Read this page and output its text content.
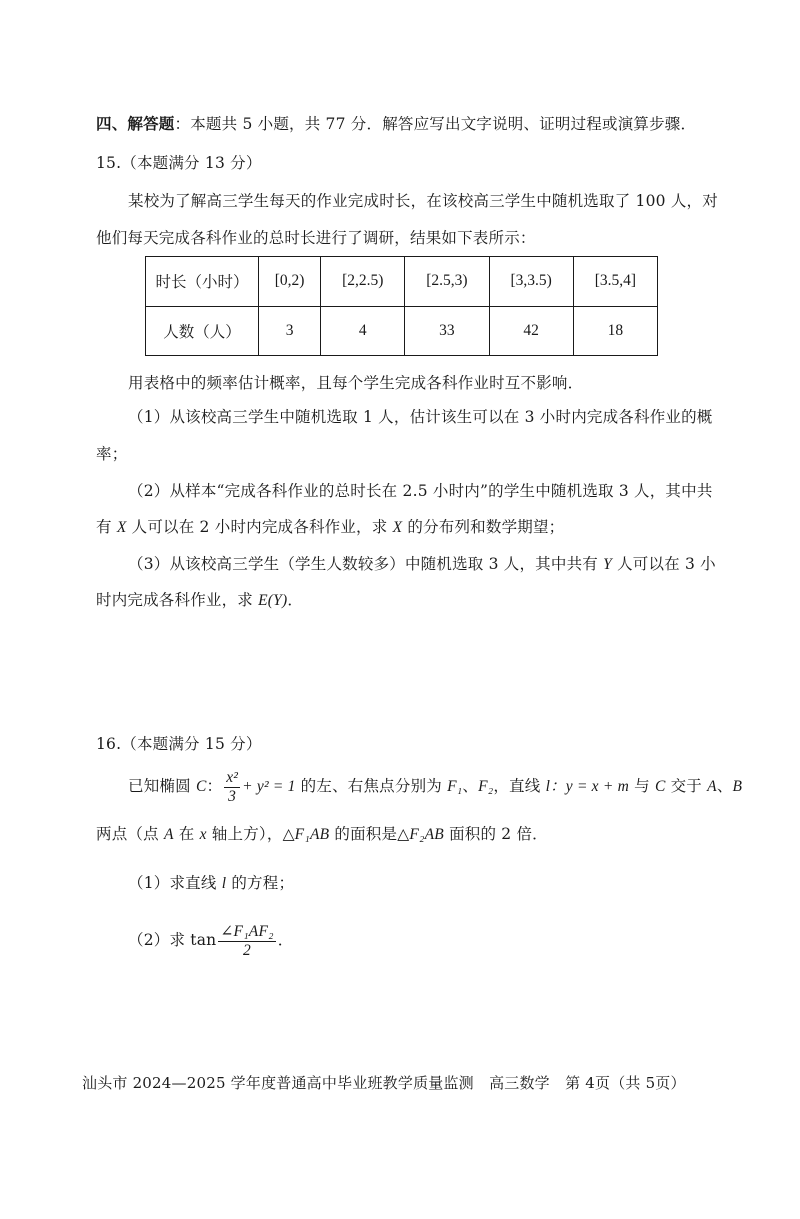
四、解答题：本题共 5 小题，共 77 分．解答应写出文字说明、证明过程或演算步骤．
15.（本题满分 13 分）
某校为了解高三学生每天的作业完成时长，在该校高三学生中随机选取了 100 人，对
他们每天完成各科作业的总时长进行了调研，结果如下表所示：
时长（小时）	[0,2)	[2,2.5)	[2.5,3)	[3,3.5)	[3.5,4]
人数（人）	3	4	33	42	18
用表格中的频率估计概率，且每个学生完成各科作业时互不影响．
（1）从该校高三学生中随机选取 1 人，估计该生可以在 3 小时内完成各科作业的概
率；
（2）从样本“完成各科作业的总时长在 2.5 小时内”的学生中随机选取 3 人，其中共
有 X 人可以在 2 小时内完成各科作业，求 X 的分布列和数学期望；
（3）从该校高三学生（学生人数较多）中随机选取 3 人，其中共有 Y 人可以在 3 小
时内完成各科作业，求 E(Y)．
16.（本题满分 15 分）
已知椭圆 C： $\frac{\text{x²}}{3} + y^2 = 1$ 的左、右焦点分别为 F₁、F₂，直线 l：y = x + m 与 C 交于 A、B
两点（点 A 在 x 轴上方），△F₁AB 的面积是△F₂AB 面积的 2 倍．
（1）求直线 l 的方程；
（2）求 $\tan \frac{\text{∠F₁AF₂}}{2}$ ．
汕头市 2024—2025 学年度普通高中毕业班教学质量监测　高三数学　第 4页（共 5页）
